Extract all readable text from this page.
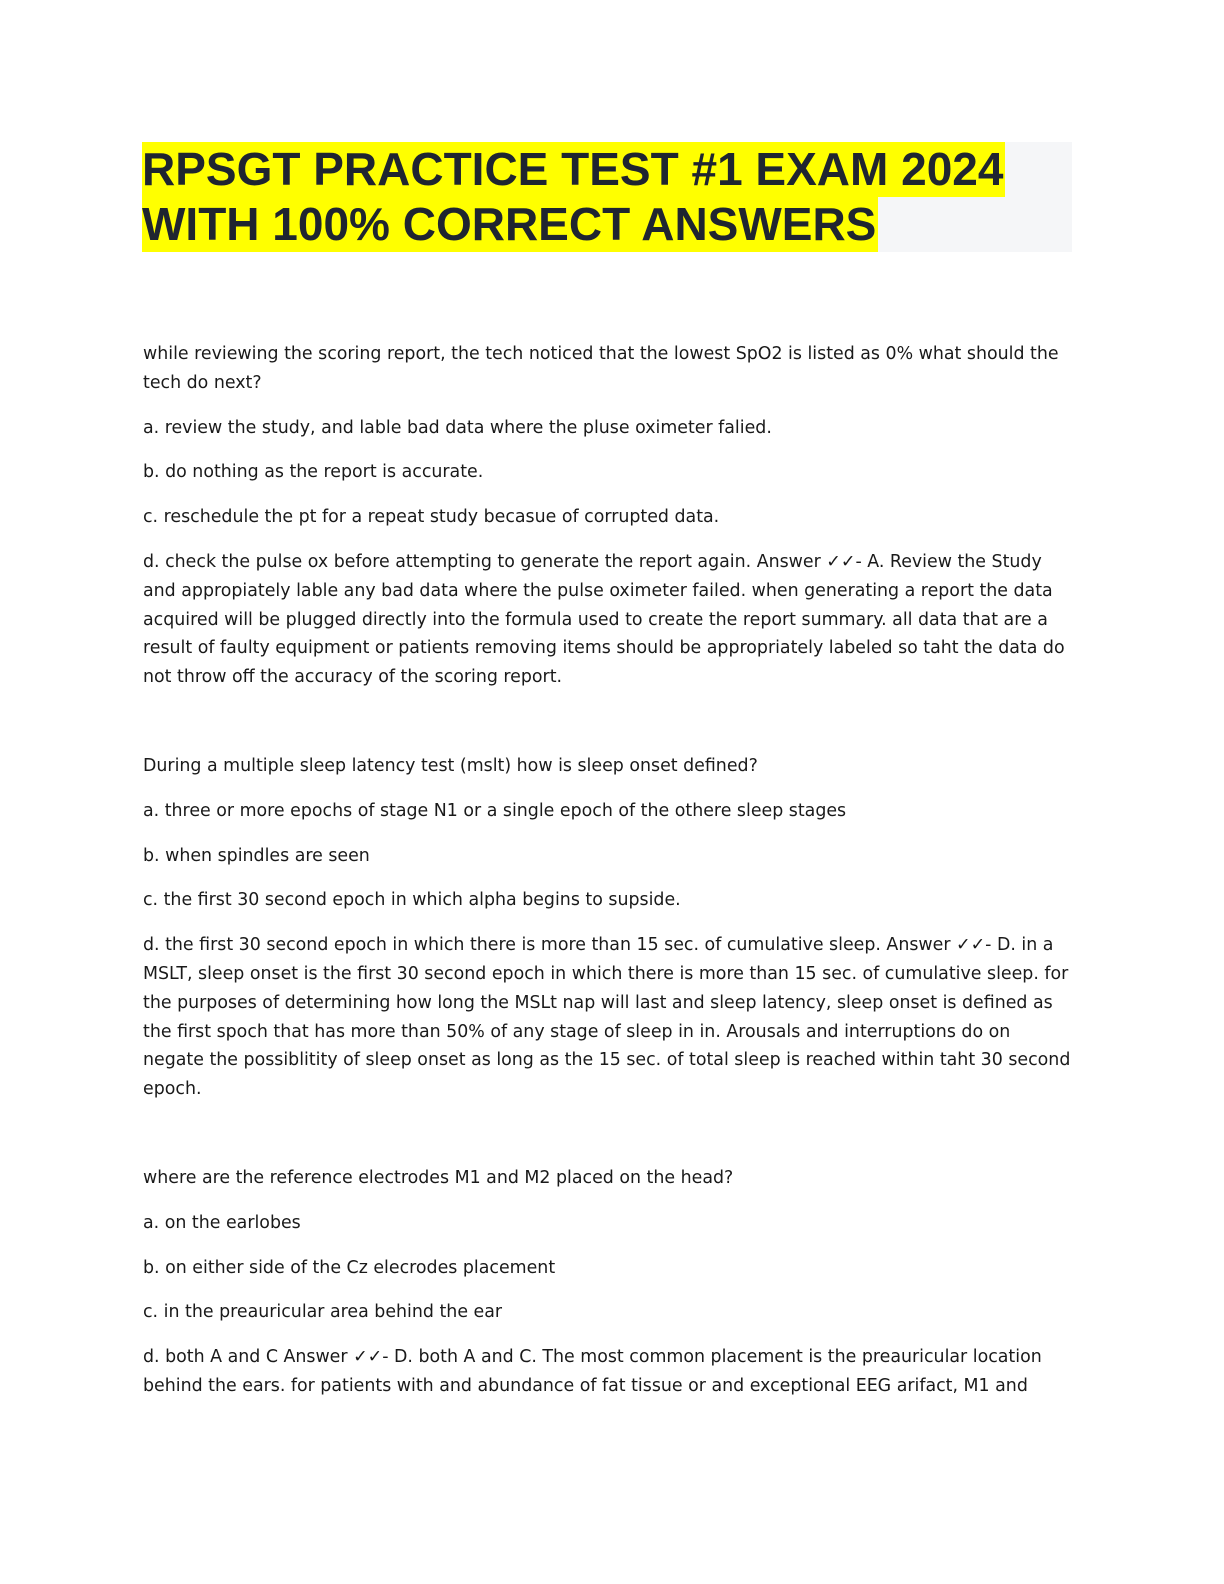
RPSGT PRACTICE TEST #1 EXAM 2024
WITH 100% CORRECT ANSWERS

while reviewing the scoring report, the tech noticed that the lowest SpO2 is listed as 0% what should the tech do next?

a. review the study, and lable bad data where the pluse oximeter falied.

b. do nothing as the report is accurate.

c. reschedule the pt for a repeat study becasue of corrupted data.

d. check the pulse ox before attempting to generate the report again. Answer ✓✓- A. Review the Study and appropiately lable any bad data where the pulse oximeter failed. when generating a report the data acquired will be plugged directly into the formula used to create the report summary. all data that are a result of faulty equipment or patients removing items should be appropriately labeled so taht the data do not throw off the accuracy of the scoring report.

During a multiple sleep latency test (mslt) how is sleep onset defined?

a. three or more epochs of stage N1 or a single epoch of the othere sleep stages

b. when spindles are seen

c. the first 30 second epoch in which alpha begins to supside.

d. the first 30 second epoch in which there is more than 15 sec. of cumulative sleep. Answer ✓✓- D. in a MSLT, sleep onset is the first 30 second epoch in which there is more than 15 sec. of cumulative sleep. for the purposes of determining how long the MSLt nap will last and sleep latency, sleep onset is defined as the first spoch that has more than 50% of any stage of sleep in in. Arousals and interruptions do on negate the possiblitity of sleep onset as long as the 15 sec. of total sleep is reached within taht 30 second epoch.

where are the reference electrodes M1 and M2 placed on the head?

a. on the earlobes

b. on either side of the Cz elecrodes placement

c. in the preauricular area behind the ear

d. both A and C Answer ✓✓- D. both A and C. The most common placement is the preauricular location behind the ears. for patients with and abundance of fat tissue or and exceptional EEG arifact, M1 and
